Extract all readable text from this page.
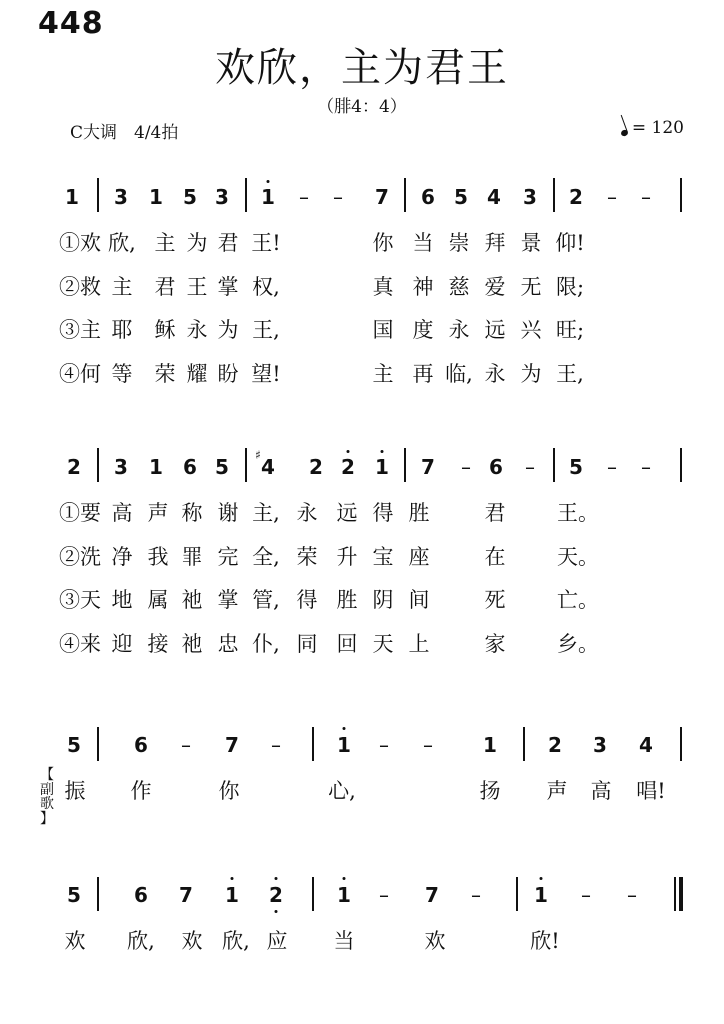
448
欢欣，主为君王
（腓4：4）
C大调　4/4拍	= 120
1 3 1 5 3 1 – – 7 6 5 4 3 2 – –
①欢 欣, 主 为 君 王!	你 当 崇 拜 景 仰!
②救 主 君 王 掌 权,	真 神 慈 爱 无 限;
③主 耶 稣 永 为 王,	国 度 永 远 兴 旺;
④何 等 荣 耀 盼 望!	主 再 临, 永 为 王,
2 3 1 6 5 4 2 2 1 7 – 6 – 5 – –
♯
①要 高 声 称 谢 主, 永 远 得 胜	君 王。
②洗 净 我 罪 完 全, 荣 升 宝 座	在 天。
③天 地 属 祂 掌 管, 得 胜 阴 间	死 亡。
④来 迎 接 祂 忠 仆, 同 回 天 上	家 乡。
5	6 – 7 –	1 – –	1	2 3 4
振 作	你	心,	扬 声 高 唱!
5	6 7 1 2	1 – 7 –	1 – –
欢 欣, 欢 欣, 应 当	欢	欣!
【
副
歌
】
